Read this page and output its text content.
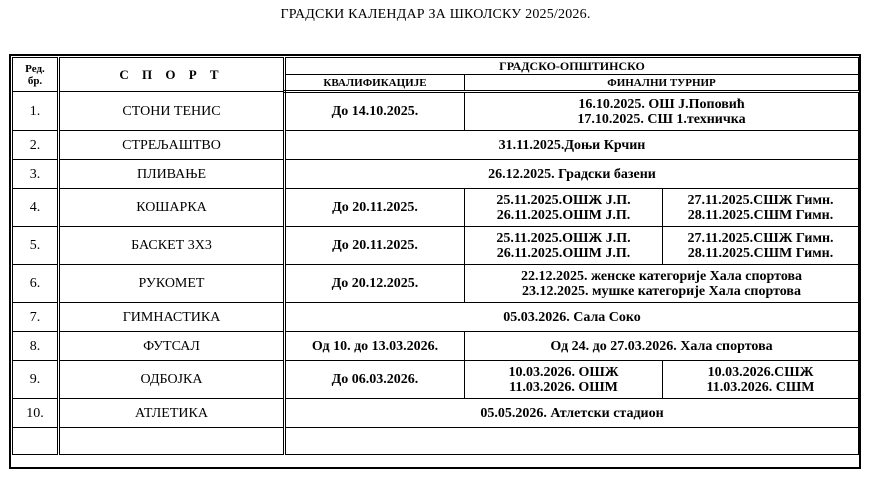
ГРАДСКИ КАЛЕНДАР ЗА ШКОЛСКУ 2025/2026.
Ред.
бр.	С П О Р Т	ГРАДСКО-ОПШТИНСКО		
		КВАЛИФИКАЦИЈЕ	ФИНАЛНИ ТУРНИР	
1.	СТОНИ ТЕНИС	До 14.10.2025.	16.10.2025. ОШ Ј.Поповић
17.10.2025. СШ 1.техничка	

2.	СТРЕЉАШТВО	31.11.2025.Доњи Крчин		
3.	ПЛИВАЊЕ	26.12.2025. Градски базени		
4.	КОШАРКА	До 20.11.2025.	25.11.2025.ОШЖ Ј.П.
26.11.2025.ОШМ Ј.П.	27.11.2025.СШЖ Гимн.
28.11.2025.СШМ Гимн.

5.	БАСКЕТ 3Х3	До 20.11.2025.	25.11.2025.ОШЖ Ј.П.
26.11.2025.ОШМ Ј.П.	27.11.2025.СШЖ Гимн.
28.11.2025.СШМ Гимн.

6.	РУКОМЕТ	До 20.12.2025.	22.12.2025. женске категорије Хала спортова
23.12.2025. мушке категорије Хала спортова	

7.	ГИМНАСТИКА	05.03.2026. Сала Соко		
8.	ФУТСАЛ	Од 10. до 13.03.2026.	Од 24. до 27.03.2026. Хала спортова	
9.	ОДБОЈКА	До 06.03.2026.	10.03.2026. ОШЖ
11.03.2026. ОШМ	10.03.2026.СШЖ
11.03.2026. СШМ

10.	АТЛЕТИКА	05.05.2026. Атлетски стадион		
